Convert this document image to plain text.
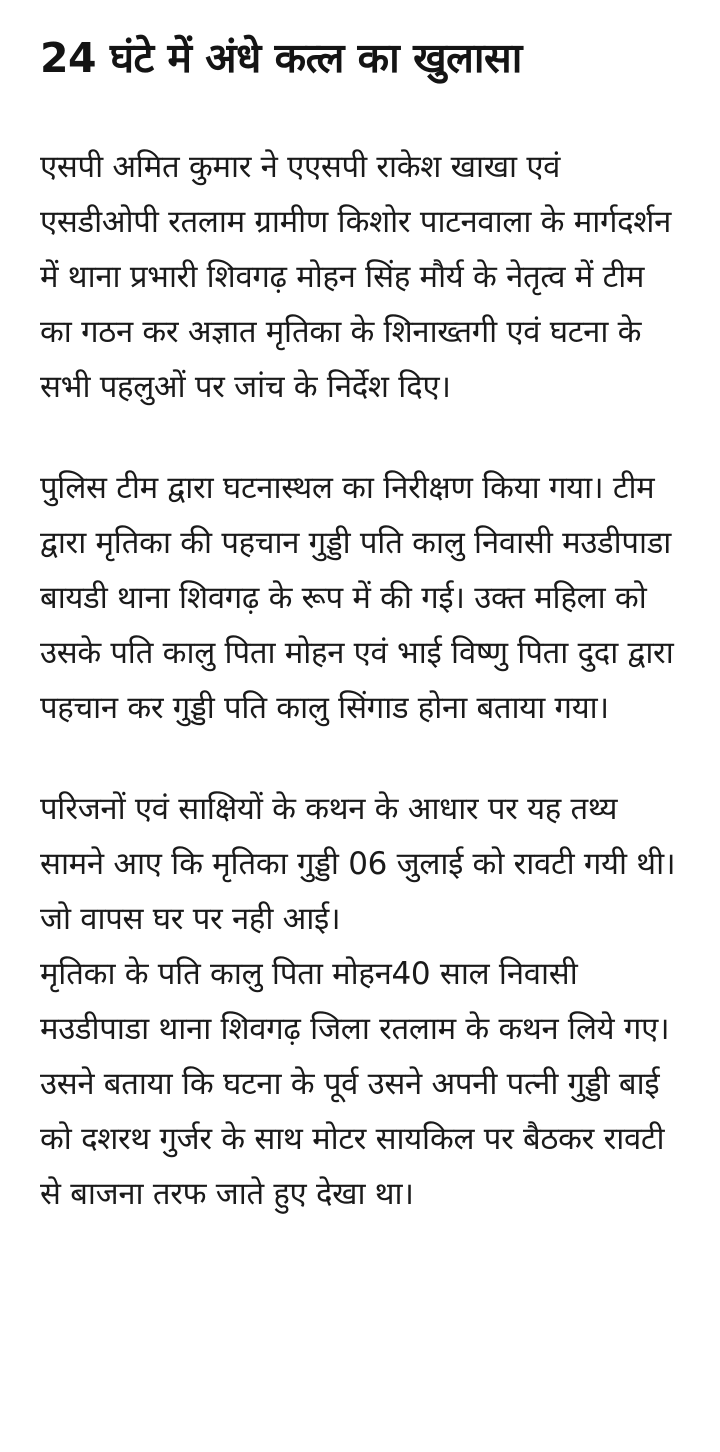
24 घंटे में अंधे कत्ल का खुलासा

एसपी अमित कुमार ने एएसपी राकेश खाखा एवं एसडीओपी रतलाम ग्रामीण किशोर पाटनवाला के मार्गदर्शन में थाना प्रभारी शिवगढ़ मोहन सिंह मौर्य के नेतृत्व में टीम का गठन कर अज्ञात मृतिका के शिनाख्तगी एवं घटना के सभी पहलुओं पर जांच के निर्देश दिए।

पुलिस टीम द्वारा घटनास्थल का निरीक्षण किया गया। टीम द्वारा मृतिका की पहचान गुड्डी पति कालु निवासी मउडीपाडा बायडी थाना शिवगढ़ के रूप में की गई। उक्त महिला को उसके पति कालु पिता मोहन एवं भाई विष्णु पिता दुदा द्वारा पहचान कर गुड्डी पति कालु सिंगाड होना बताया गया।

परिजनों एवं साक्षियों के कथन के आधार पर यह तथ्य सामने आए कि मृतिका गुड्डी 06 जुलाई को रावटी गयी थी। जो वापस घर पर नही आई।

मृतिका के पति कालु पिता मोहन40 साल निवासी मउडीपाडा थाना शिवगढ़ जिला रतलाम के कथन लिये गए। उसने बताया कि घटना के पूर्व उसने अपनी पत्नी गुड्डी बाई को दशरथ गुर्जर के साथ मोटर सायकिल पर बैठकर रावटी से बाजना तरफ जाते हुए देखा था।
